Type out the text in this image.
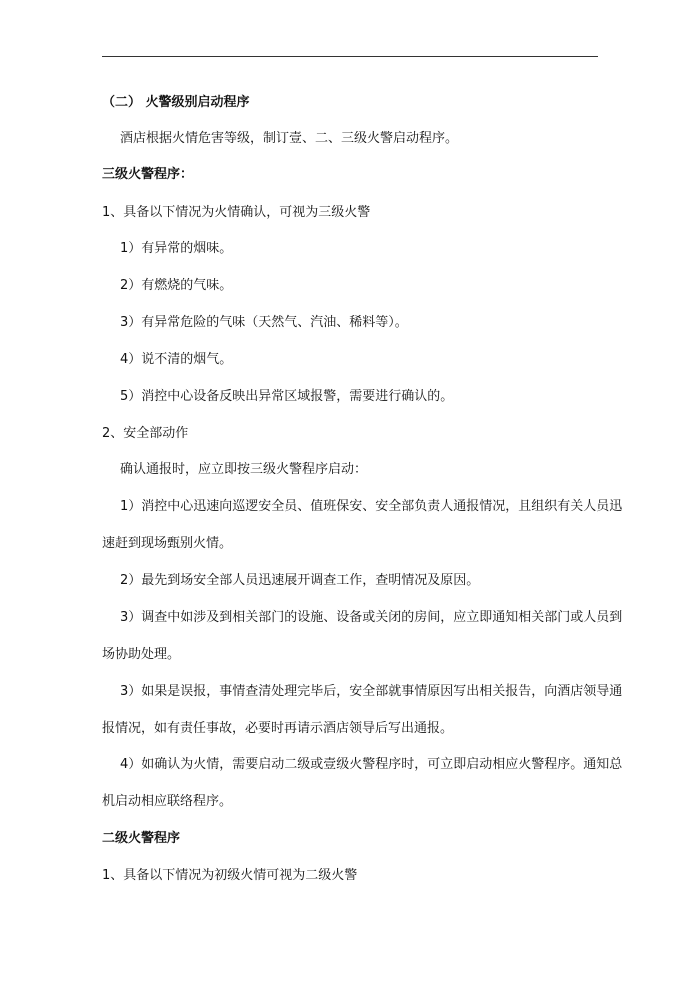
（二） 火警级别启动程序

酒店根据火情危害等级，制订壹、二、三级火警启动程序。

三级火警程序：

1、具备以下情况为火情确认，可视为三级火警

1）有异常的烟味。

2）有燃烧的气味。

3）有异常危险的气味（天然气、汽油、稀料等）。

4）说不清的烟气。

5）消控中心设备反映出异常区域报警，需要进行确认的。

2、安全部动作

确认通报时，应立即按三级火警程序启动：

1）消控中心迅速向巡逻安全员、值班保安、安全部负责人通报情况，且组织有关人员迅

速赶到现场甄别火情。

2）最先到场安全部人员迅速展开调查工作，查明情况及原因。

3）调查中如涉及到相关部门的设施、设备或关闭的房间，应立即通知相关部门或人员到

场协助处理。

3）如果是误报，事情查清处理完毕后，安全部就事情原因写出相关报告，向酒店领导通

报情况，如有责任事故，必要时再请示酒店领导后写出通报。

4）如确认为火情，需要启动二级或壹级火警程序时，可立即启动相应火警程序。通知总

机启动相应联络程序。

二级火警程序

1、具备以下情况为初级火情可视为二级火警
